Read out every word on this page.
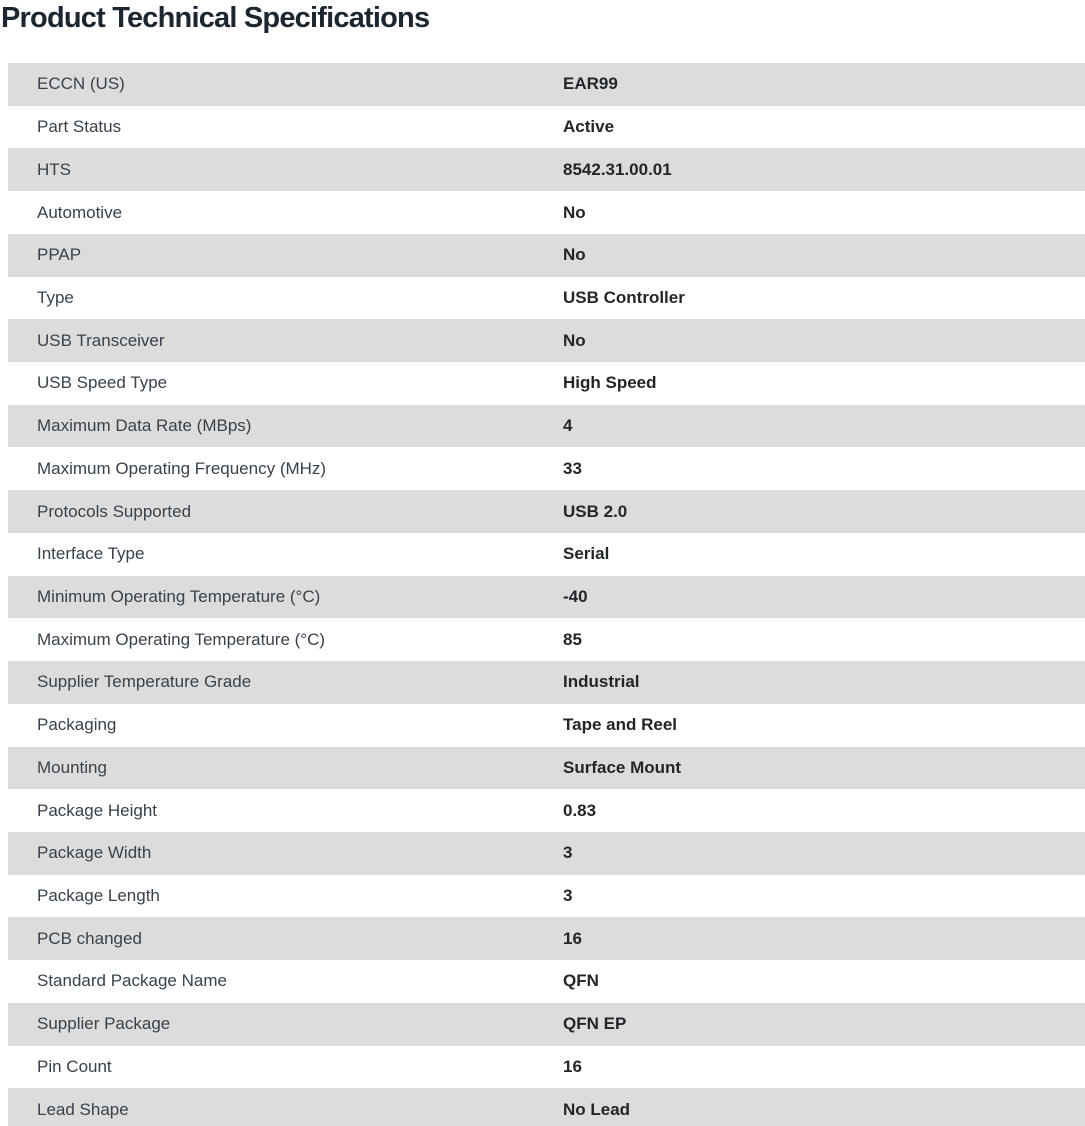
Product Technical Specifications
ECCN (US)	EAR99
Part Status	Active
HTS	8542.31.00.01
Automotive	No
PPAP	No
Type	USB Controller
USB Transceiver	No
USB Speed Type	High Speed
Maximum Data Rate (MBps)	4
Maximum Operating Frequency (MHz)	33
Protocols Supported	USB 2.0
Interface Type	Serial
Minimum Operating Temperature (°C)	-40
Maximum Operating Temperature (°C)	85
Supplier Temperature Grade	Industrial
Packaging	Tape and Reel
Mounting	Surface Mount
Package Height	0.83
Package Width	3
Package Length	3
PCB changed	16
Standard Package Name	QFN
Supplier Package	QFN EP
Pin Count	16
Lead Shape	No Lead
